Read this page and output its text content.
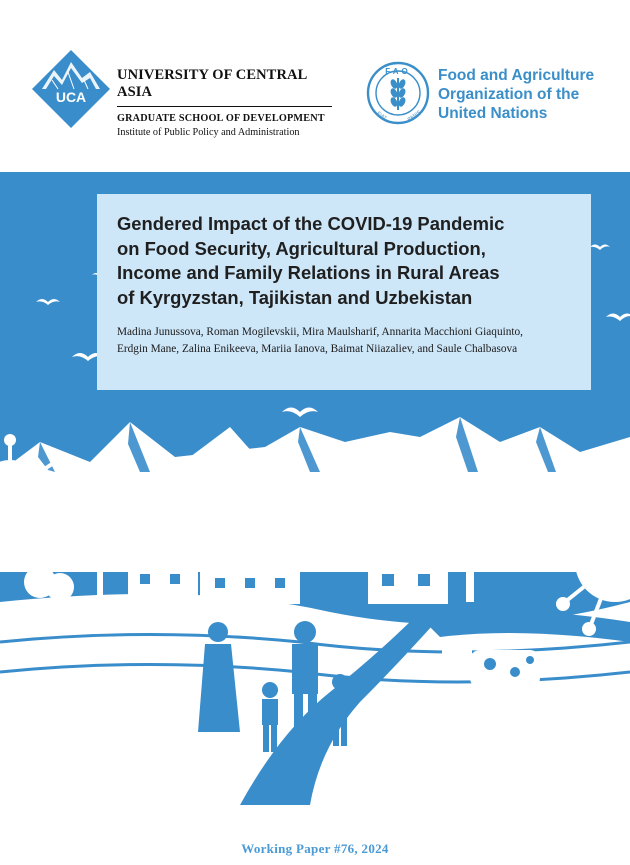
UCA
UNIVERSITY OF CENTRAL ASIA
GRADUATE SCHOOL OF DEVELOPMENT
Institute of Public Policy and Administration
FAO
FIAT	PANIS
Food and Agriculture
Organization of the
United Nations
Gendered Impact of the COVID-19 Pandemic
on Food Security, Agricultural Production,
Income and Family Relations in Rural Areas
of Kyrgyzstan, Tajikistan and Uzbekistan
Madina Junussova, Roman Mogilevskii, Mira Maulsharif, Annarita Macchioni Giaquinto,
Erdgin Mane, Zalina Enikeeva, Mariia Ianova, Baimat Niiazaliev, and Saule Chalbasova
Working Paper #76, 2024
